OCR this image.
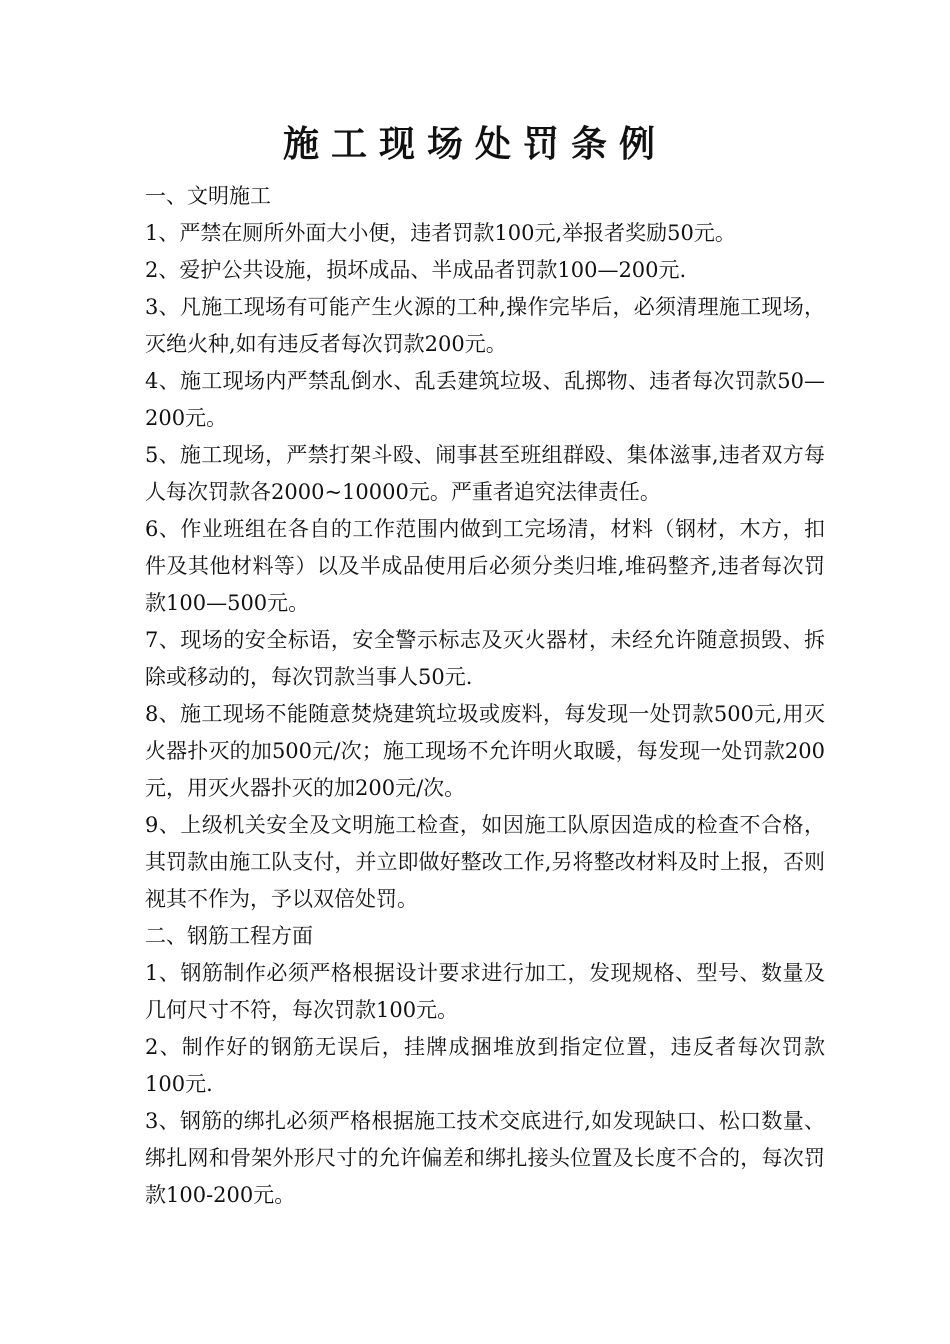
施工现场处罚条例

一、文明施工

1、严禁在厕所外面大小便，违者罚款100元,举报者奖励50元。

2、爱护公共设施，损坏成品、半成品者罚款100—200元.

3、凡施工现场有可能产生火源的工种,操作完毕后，必须清理施工现场，灭绝火种,如有违反者每次罚款200元。

4、施工现场内严禁乱倒水、乱丢建筑垃圾、乱掷物、违者每次罚款50—200元。

5、施工现场，严禁打架斗殴、闹事甚至班组群殴、集体滋事,违者双方每人每次罚款各2000~10000元。严重者追究法律责任。

6、作业班组在各自的工作范围内做到工完场清，材料（钢材，木方，扣件及其他材料等）以及半成品使用后必须分类归堆,堆码整齐,违者每次罚款100—500元。

7、现场的安全标语，安全警示标志及灭火器材，未经允许随意损毁、拆除或移动的，每次罚款当事人50元.

8、施工现场不能随意焚烧建筑垃圾或废料，每发现一处罚款500元,用灭火器扑灭的加500元/次；施工现场不允许明火取暖，每发现一处罚款200元，用灭火器扑灭的加200元/次。

9、上级机关安全及文明施工检查，如因施工队原因造成的检查不合格，其罚款由施工队支付，并立即做好整改工作,另将整改材料及时上报，否则视其不作为，予以双倍处罚。

二、钢筋工程方面

1、钢筋制作必须严格根据设计要求进行加工，发现规格、型号、数量及几何尺寸不符，每次罚款100元。

2、制作好的钢筋无误后，挂牌成捆堆放到指定位置，违反者每次罚款100元.

3、钢筋的绑扎必须严格根据施工技术交底进行,如发现缺口、松口数量、绑扎网和骨架外形尺寸的允许偏差和绑扎接头位置及长度不合的，每次罚款100-200元。
